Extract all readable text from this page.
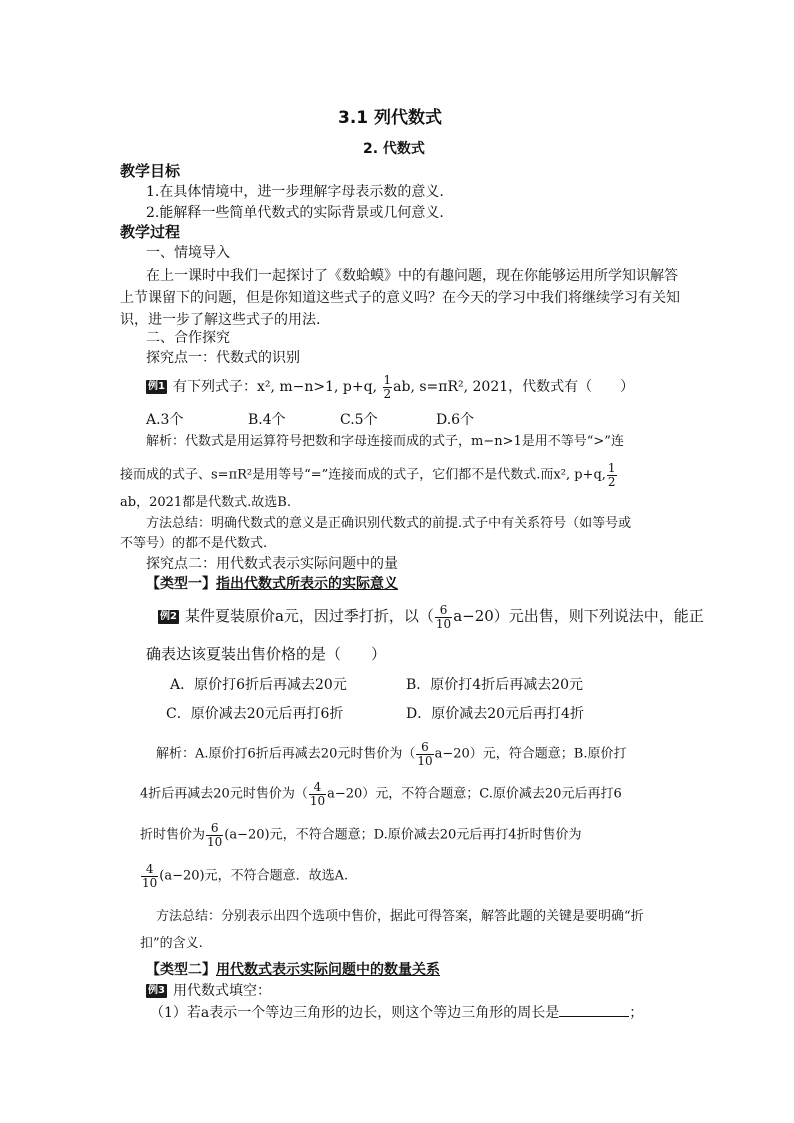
3.1 列代数式
2. 代数式
教学目标
1.在具体情境中，进一步理解字母表示数的意义.
2.能解释一些简单代数式的实际背景或几何意义.
教学过程
一、情境导入
在上一课时中我们一起探讨了《数蛤蟆》中的有趣问题，现在你能够运用所学知识解答
上节课留下的问题，但是你知道这些式子的意义吗？在今天的学习中我们将继续学习有关知
识，进一步了解这些式子的用法.
二、合作探究
探究点一：代数式的识别
例1 有下列式子：x², m−n>1, p+q, $\frac{1}{2}$ ab, s=πR², 2021，代数式有（　　）
A.3个	B.4个	C.5个	D.6个
解析：代数式是用运算符号把数和字母连接而成的式子，m−n>1是用不等号“>”连
接而成的式子、s=πR²是用等号“=”连接而成的式子，它们都不是代数式.而x², p+q, $\frac{1}{2}$
ab，2021都是代数式.故选B.
方法总结：明确代数式的意义是正确识别代数式的前提.式子中有关系符号（如等号或
不等号）的都不是代数式.
探究点二：用代数式表示实际问题中的量
【类型一】指出代数式所表示的实际意义
例2 某件夏装原价a元，因过季打折，以（ $\frac{6}{10} a-20$）元出售，则下列说法中，能正
确表达该夏装出售价格的是（　　）
A．原价打6折后再减去20元	B．原价打4折后再减去20元
C．原价减去20元后再打6折	D．原价减去20元后再打4折
解析：A.原价打6折后再减去20元时售价为（ $\frac{6}{10} a-20$）元，符合题意；B.原价打
4折后再减去20元时售价为（ $\frac{4}{10} a-20$）元，不符合题意；C.原价减去20元后再打6
折时售价为 $\frac{6}{10} (a-20)$元，不符合题意；D.原价减去20元后再打4折时售价为
$\frac{4}{10} (a-20)$元，不符合题意．故选A.
方法总结：分别表示出四个选项中售价，据此可得答案，解答此题的关键是要明确“折
扣”的含义.
【类型二】用代数式表示实际问题中的数量关系
例3 用代数式填空：
（1）若a表示一个等边三角形的边长，则这个等边三角形的周长是	；
